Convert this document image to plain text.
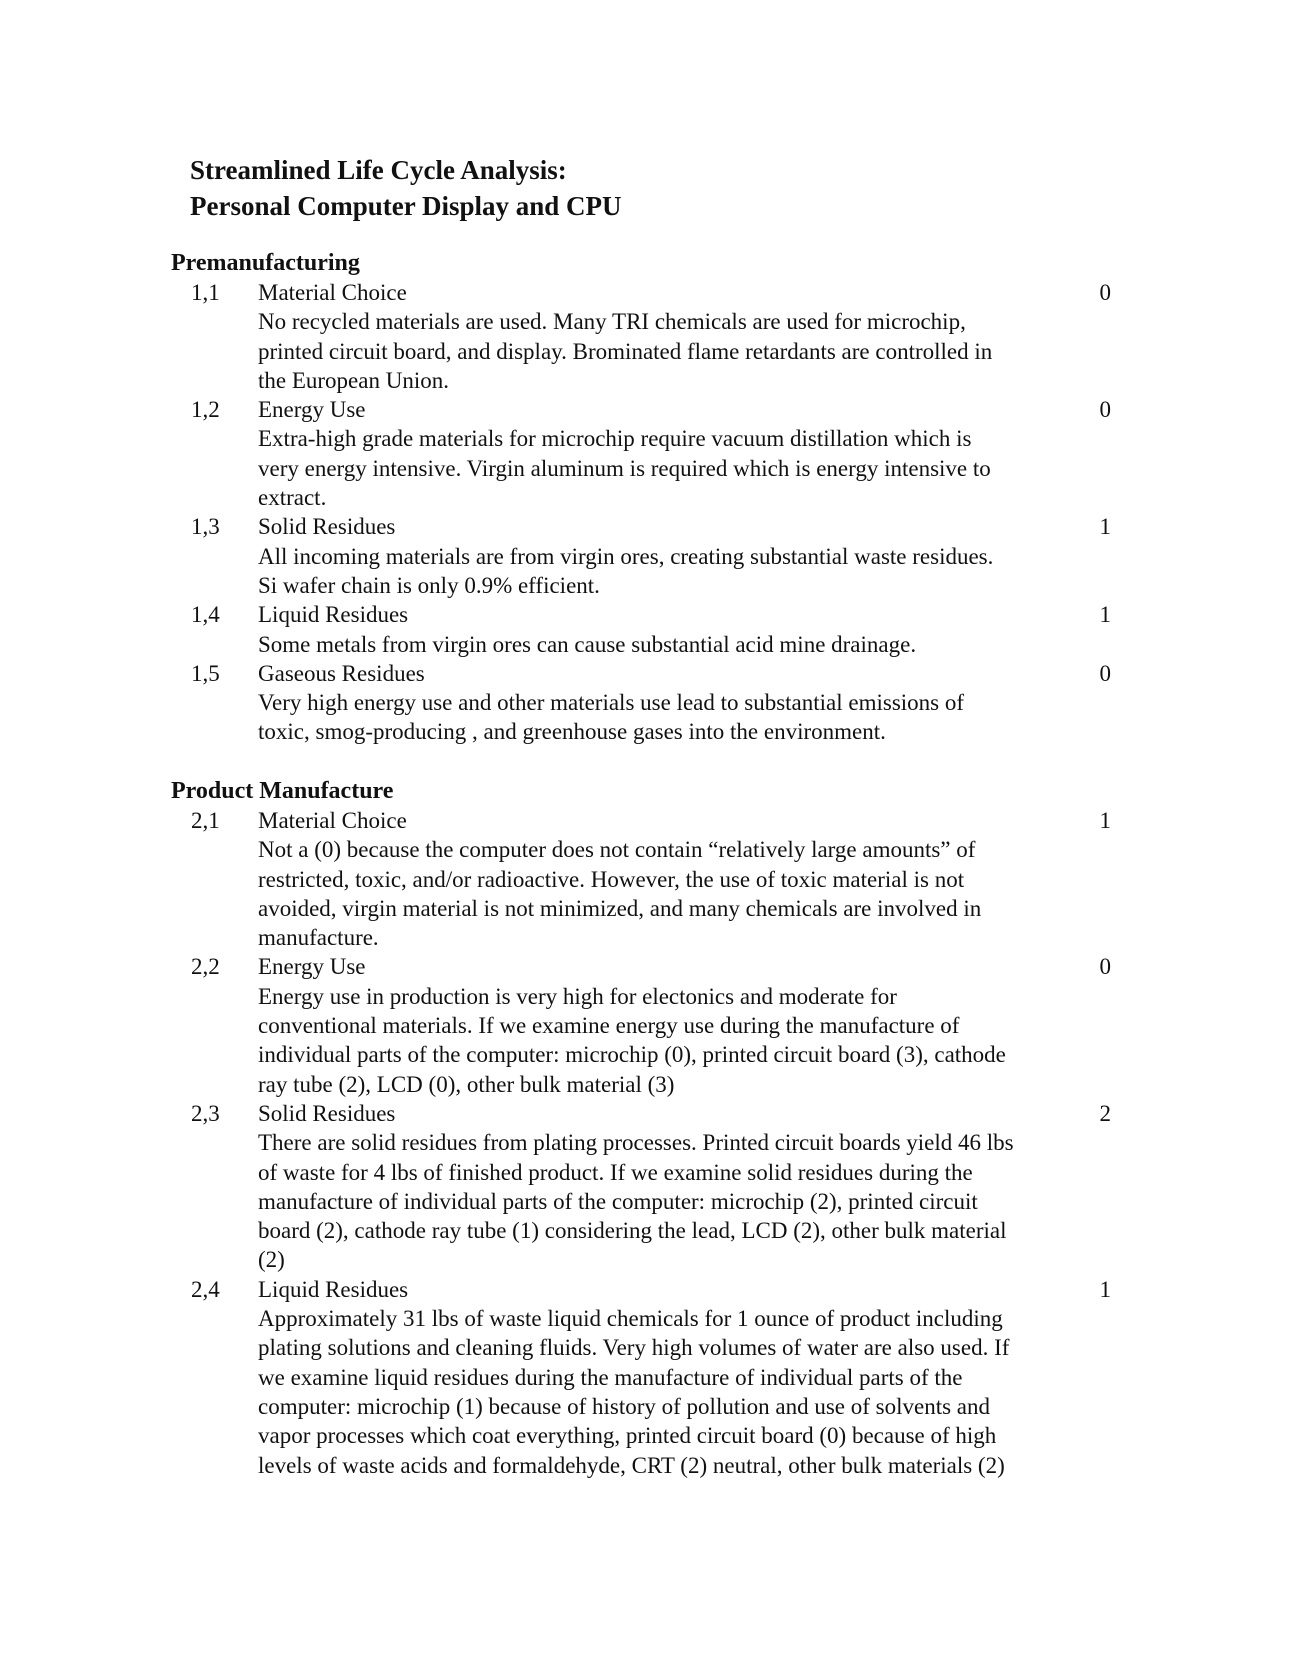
Streamlined Life Cycle Analysis:
Personal Computer Display and CPU
Premanufacturing
1,1	Material Choice
No recycled materials are used. Many TRI chemicals are used for microchip, printed circuit board, and display. Brominated flame retardants are controlled in the European Union.
0
1,2	Energy Use
Extra-high grade materials for microchip require vacuum distillation which is very energy intensive. Virgin aluminum is required which is energy intensive to extract.
0
1,3	Solid Residues
All incoming materials are from virgin ores, creating substantial waste residues. Si wafer chain is only 0.9% efficient.
1
1,4	Liquid Residues
Some metals from virgin ores can cause substantial acid mine drainage.
1
1,5	Gaseous Residues
Very high energy use and other materials use lead to substantial emissions of toxic, smog-producing , and greenhouse gases into the environment.
0
Product Manufacture
2,1	Material Choice
Not a (0) because the computer does not contain “relatively large amounts” of restricted, toxic, and/or radioactive. However, the use of toxic material is not avoided, virgin material is not minimized, and many chemicals are involved in manufacture.
1
2,2	Energy Use
Energy use in production is very high for electonics and moderate for conventional materials. If we examine energy use during the manufacture of individual parts of the computer: microchip (0), printed circuit board (3), cathode ray tube (2), LCD (0), other bulk material (3)
0
2,3	Solid Residues
There are solid residues from plating processes. Printed circuit boards yield 46 lbs of waste for 4 lbs of finished product. If we examine solid residues during the manufacture of individual parts of the computer: microchip (2), printed circuit board (2), cathode ray tube (1) considering the lead, LCD (2), other bulk material (2)
2
2,4	Liquid Residues
Approximately 31 lbs of waste liquid chemicals for 1 ounce of product including plating solutions and cleaning fluids. Very high volumes of water are also used. If we examine liquid residues during the manufacture of individual parts of the computer: microchip (1) because of history of pollution and use of solvents and vapor processes which coat everything, printed circuit board (0) because of high levels of waste acids and formaldehyde, CRT (2) neutral, other bulk materials (2)
1
